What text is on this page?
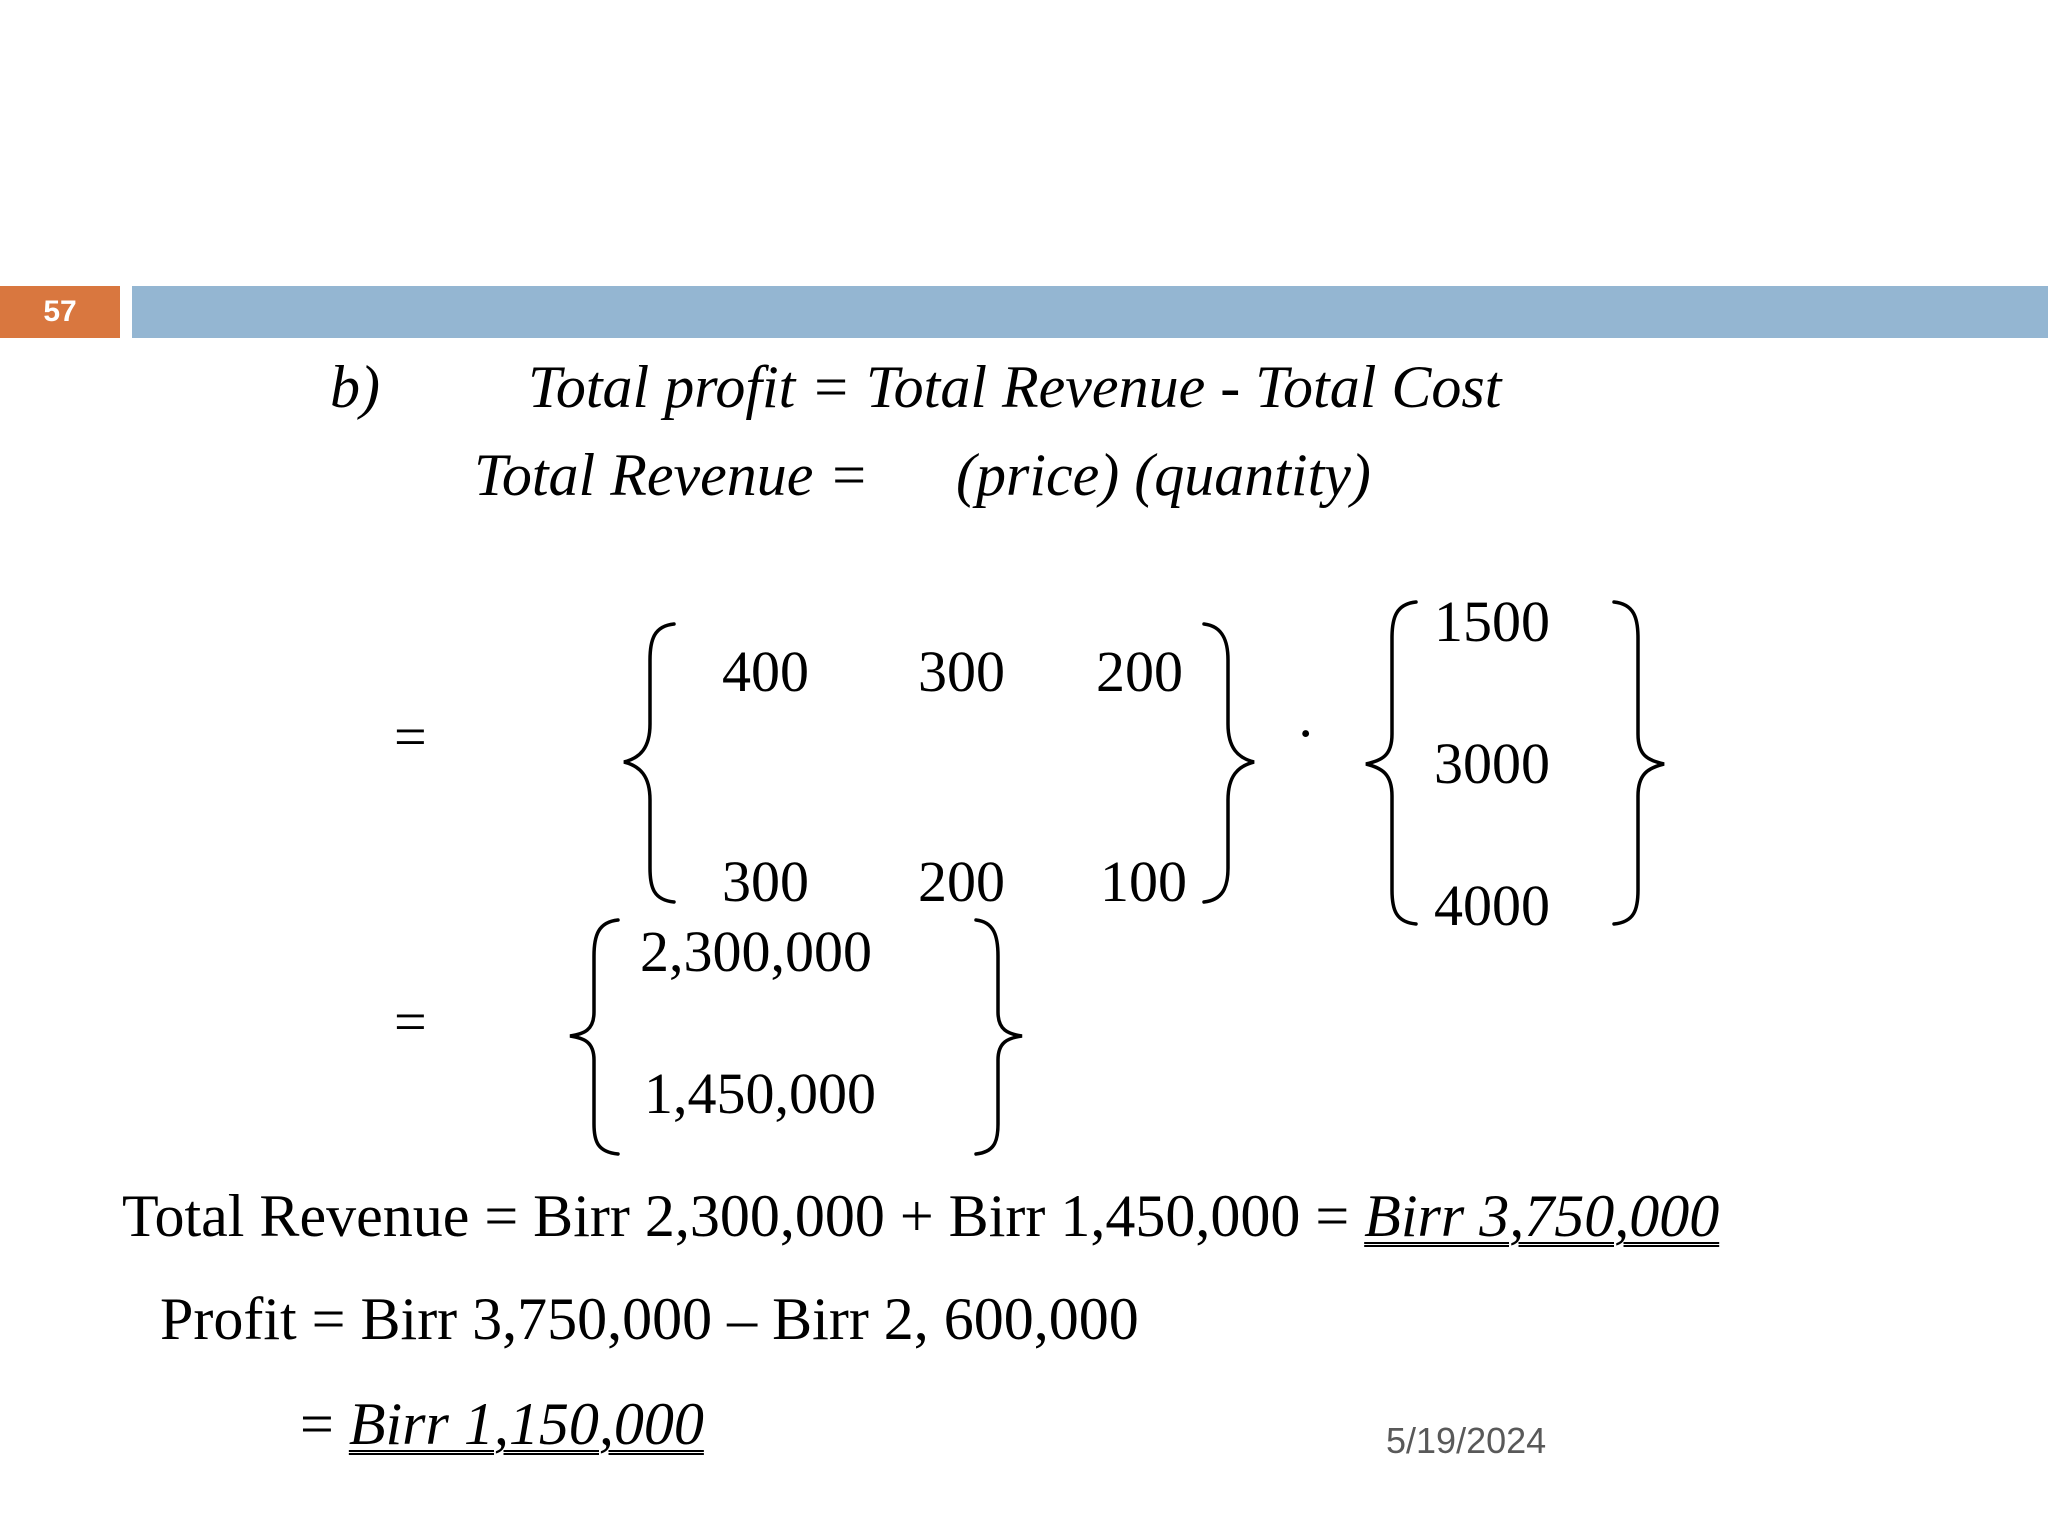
57
b) Total profit = Total Revenue - Total Cost
Total Revenue = (price) (quantity)
=
400 300 200
300 200 100
·
1500
3000
4000
=
2,300,000
1,450,000
Total Revenue = Birr 2,300,000 + Birr 1,450,000 = Birr 3,750,000
Profit = Birr 3,750,000 – Birr 2, 600,000
= Birr 1,150,000	5/19/2024
